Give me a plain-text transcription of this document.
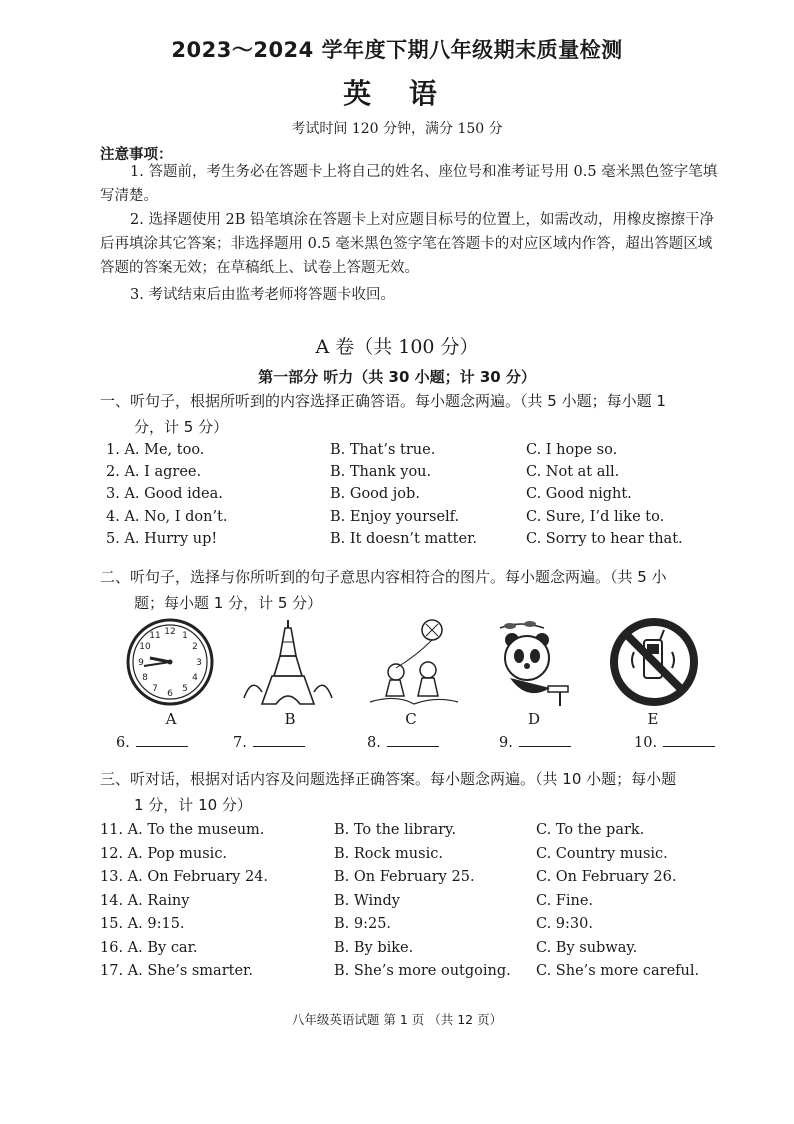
2023～2024 学年度下期八年级期末质量检测
英 语
考试时间 120 分钟，满分 150 分
注意事项：
1. 答题前，考生务必在答题卡上将自己的姓名、座位号和准考证号用 0.5 毫米黑色签字笔填写清楚。
2. 选择题使用 2B 铅笔填涂在答题卡上对应题目标号的位置上，如需改动，用橡皮擦擦干净后再填涂其它答案；非选择题用 0.5 毫米黑色签字笔在答题卡的对应区域内作答，超出答题区域答题的答案无效；在草稿纸上、试卷上答题无效。
3. 考试结束后由监考老师将答题卡收回。
A 卷（共 100 分）
第一部分 听力（共 30 小题；计 30 分）
一、听句子，根据所听到的内容选择正确答语。每小题念两遍。（共 5 小题；每小题 1
分，计 5 分）
1. A. Me, too.	B. That’s true.	C. I hope so.
2. A. I agree.	B. Thank you.	C. Not at all.
3. A. Good idea.	B. Good job.	C. Good night.
4. A. No, I don’t.	B. Enjoy yourself.	C. Sure, I’d like to.
5. A. Hurry up!	B. It doesn’t matter.	C. Sorry to hear that.
二、听句子，选择与你所听到的句子意思内容相符合的图片。每小题念两遍。（共 5 小
题；每小题 1 分，计 5 分）
12 1
2
3
4
5
6
7
8
9
10
11
A	B	C	D	E
6.	7.	8.	9.	10.
三、听对话，根据对话内容及问题选择正确答案。每小题念两遍。（共 10 小题；每小题
1 分，计 10 分）
11. A. To the museum.	B. To the library.	C. To the park.
12. A. Pop music.	B. Rock music.	C. Country music.
13. A. On February 24.	B. On February 25.	C. On February 26.
14. A. Rainy	B. Windy	C. Fine.
15. A. 9:15.	B. 9:25.	C. 9:30.
16. A. By car.	B. By bike.	C. By subway.
17. A. She’s smarter.	B. She’s more outgoing. C. She’s more careful.
八年级英语试题 第 1 页 （共 12 页）
